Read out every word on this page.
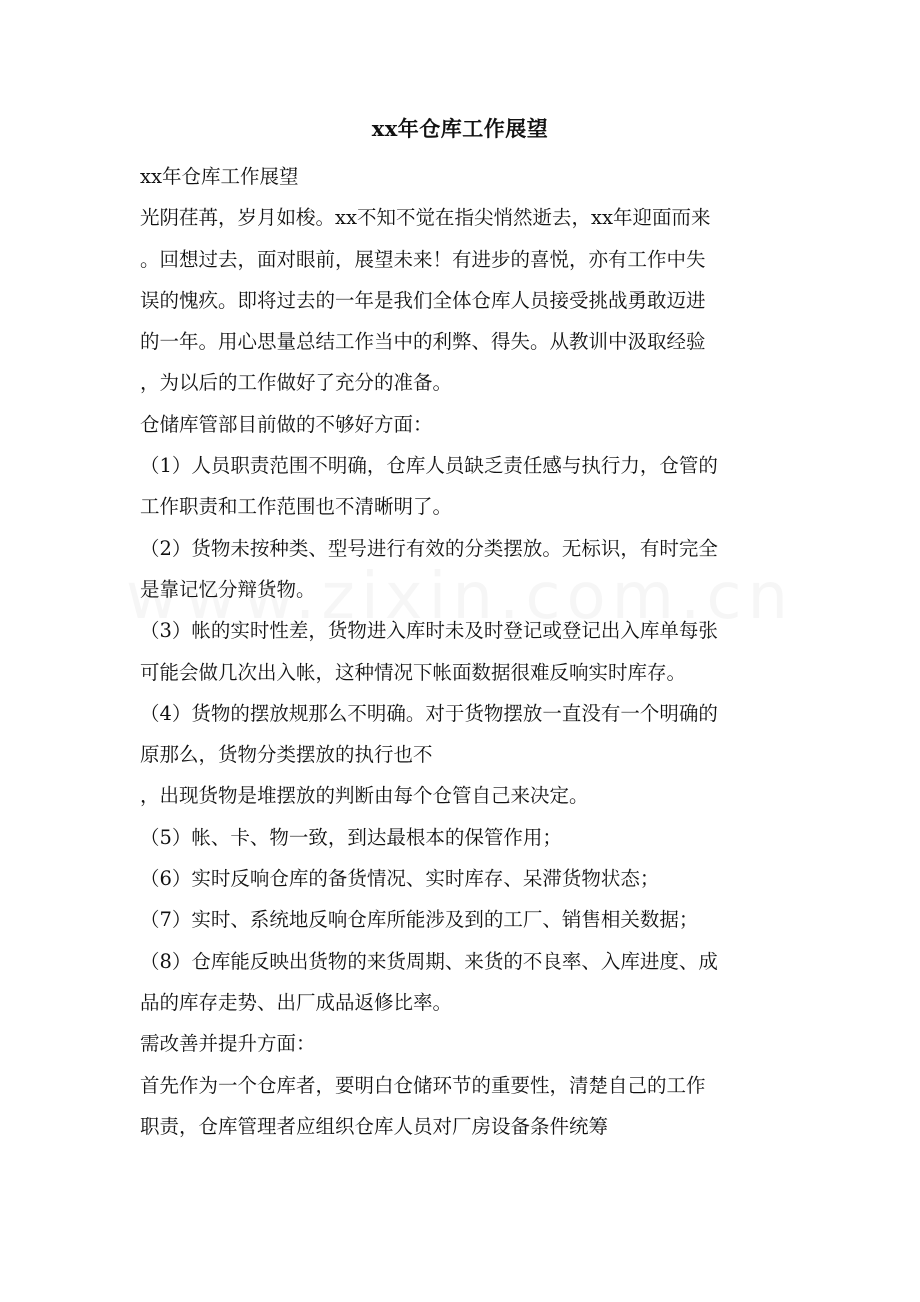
xx年仓库工作展望
xx年仓库工作展望
光阴荏苒，岁月如梭。xx不知不觉在指尖悄然逝去，xx年迎面而来
。回想过去，面对眼前，展望未来！有进步的喜悦，亦有工作中失
误的愧疚。即将过去的一年是我们全体仓库人员接受挑战勇敢迈进
的一年。用心思量总结工作当中的利弊、得失。从教训中汲取经验
，为以后的工作做好了充分的准备。
仓储库管部目前做的不够好方面：
（1）人员职责范围不明确，仓库人员缺乏责任感与执行力，仓管的
工作职责和工作范围也不清晰明了。
（2）货物未按种类、型号进行有效的分类摆放。无标识，有时完全
是靠记忆分辩货物。
（3）帐的实时性差，货物进入库时未及时登记或登记出入库单每张
可能会做几次出入帐，这种情况下帐面数据很难反响实时库存。
（4）货物的摆放规那么不明确。对于货物摆放一直没有一个明确的
原那么，货物分类摆放的执行也不
，出现货物是堆摆放的判断由每个仓管自己来决定。
（5）帐、卡、物一致，到达最根本的保管作用；
（6）实时反响仓库的备货情况、实时库存、呆滞货物状态；
（7）实时、系统地反响仓库所能涉及到的工厂、销售相关数据；
（8）仓库能反映出货物的来货周期、来货的不良率、入库进度、成
品的库存走势、出厂成品返修比率。
需改善并提升方面：
首先作为一个仓库者，要明白仓储环节的重要性，清楚自己的工作
职责，仓库管理者应组织仓库人员对厂房设备条件统筹
